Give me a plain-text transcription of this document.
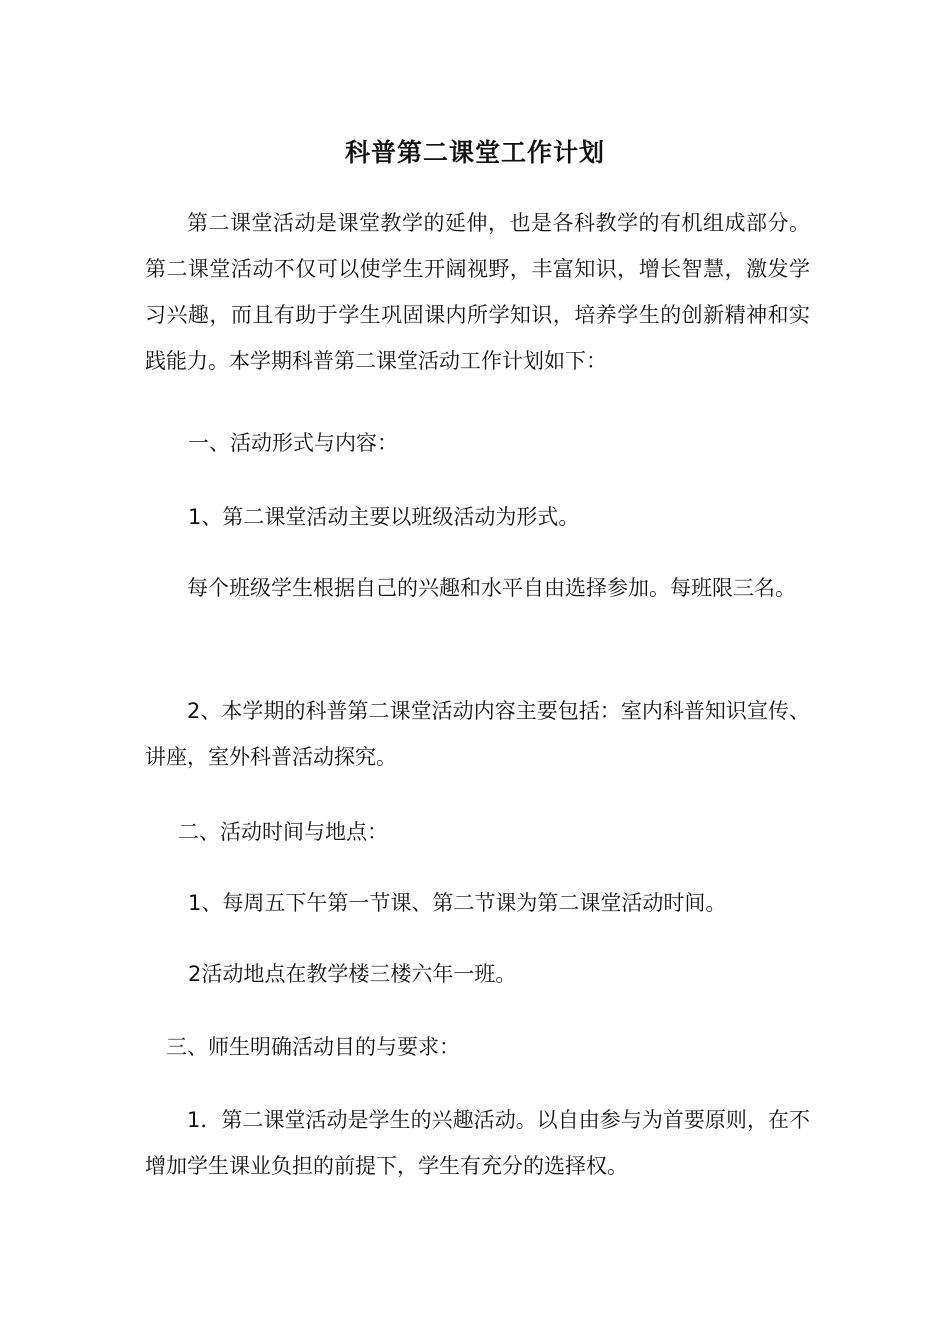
科普第二课堂工作计划

第二课堂活动是课堂教学的延伸，也是各科教学的有机组成部分。第二课堂活动不仅可以使学生开阔视野，丰富知识，增长智慧，激发学习兴趣，而且有助于学生巩固课内所学知识，培养学生的创新精神和实践能力。本学期科普第二课堂活动工作计划如下：

一、活动形式与内容：

1、第二课堂活动主要以班级活动为形式。

每个班级学生根据自己的兴趣和水平自由选择参加。每班限三名。

2、本学期的科普第二课堂活动内容主要包括：室内科普知识宣传、讲座，室外科普活动探究。

二、活动时间与地点：

1、每周五下午第一节课、第二节课为第二课堂活动时间。

2活动地点在教学楼三楼六年一班。

三、师生明确活动目的与要求：

1．第二课堂活动是学生的兴趣活动。以自由参与为首要原则，在不增加学生课业负担的前提下，学生有充分的选择权。
